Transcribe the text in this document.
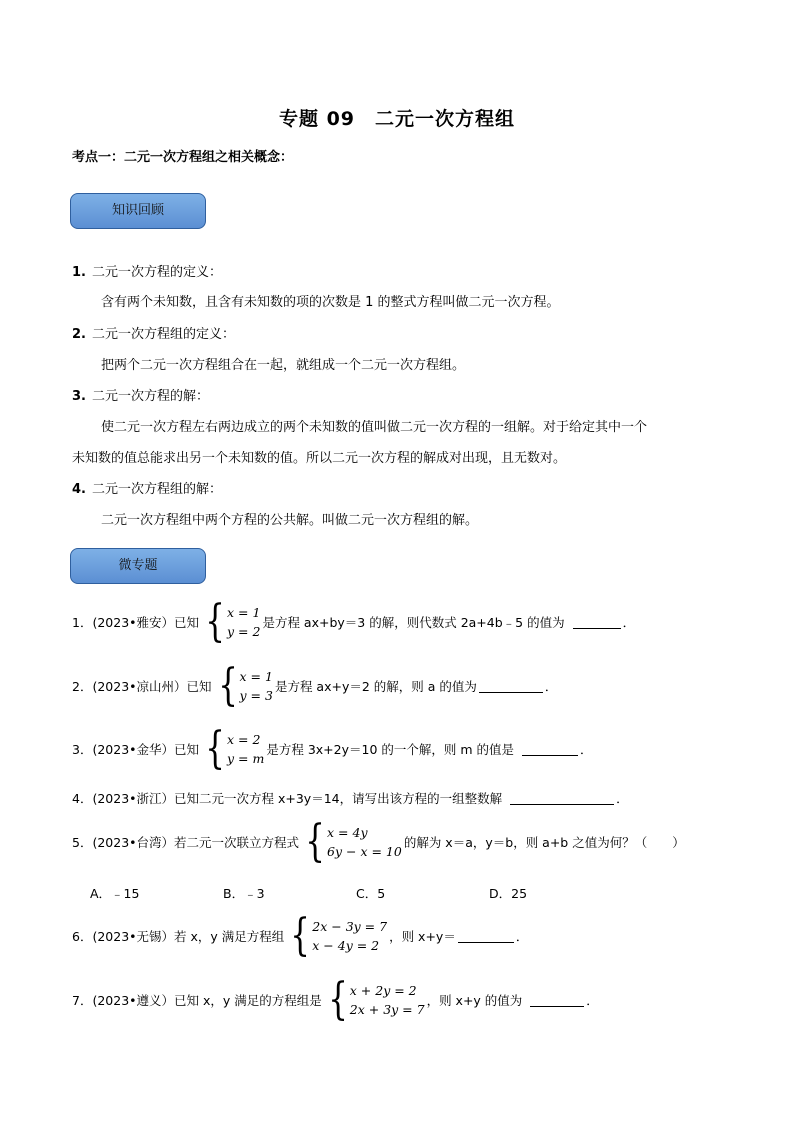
专题 09　二元一次方程组
考点一：二元一次方程组之相关概念：
知识回顾
1. 二元一次方程的定义：
含有两个未知数，且含有未知数的项的次数是 1 的整式方程叫做二元一次方程。
2. 二元一次方程组的定义：
把两个二元一次方程组合在一起，就组成一个二元一次方程组。
3. 二元一次方程的解：
使二元一次方程左右两边成立的两个未知数的值叫做二元一次方程的一组解。对于给定其中一个
未知数的值总能求出另一个未知数的值。所以二元一次方程的解成对出现，且无数对。
4. 二元一次方程组的解：
二元一次方程组中两个方程的公共解。叫做二元一次方程组的解。
微专题
1．(2023•雅安）已知 { x = 1
y = 2
是方程 ax+by＝3 的解，则代数式 2a+4b﹣5 的值为	．
2．(2023•凉山州）已知 { x = 1
y = 3
是方程 ax+y＝2 的解，则 a 的值为	．
3．(2023•金华）已知 { x = 2
y = m
是方程 3x+2y＝10 的一个解，则 m 的值是	．
4．(2023•浙江）已知二元一次方程 x+3y＝14，请写出该方程的一组整数解	．
5．(2023•台湾）若二元一次联立方程式 { x = 4y
6y − x = 10
的解为 x＝a，y＝b，则 a+b 之值为何？（　　）
A．﹣15	B．﹣3	C．5	D．25
6．(2023•无锡）若 x，y 满足方程组 { 2x − 3y = 7
x − 4y = 2
，则 x+y＝	．
7．(2023•遵义）已知 x，y 满足的方程组是 { x + 2y = 2
2x + 3y = 7
，则 x+y 的值为	．
